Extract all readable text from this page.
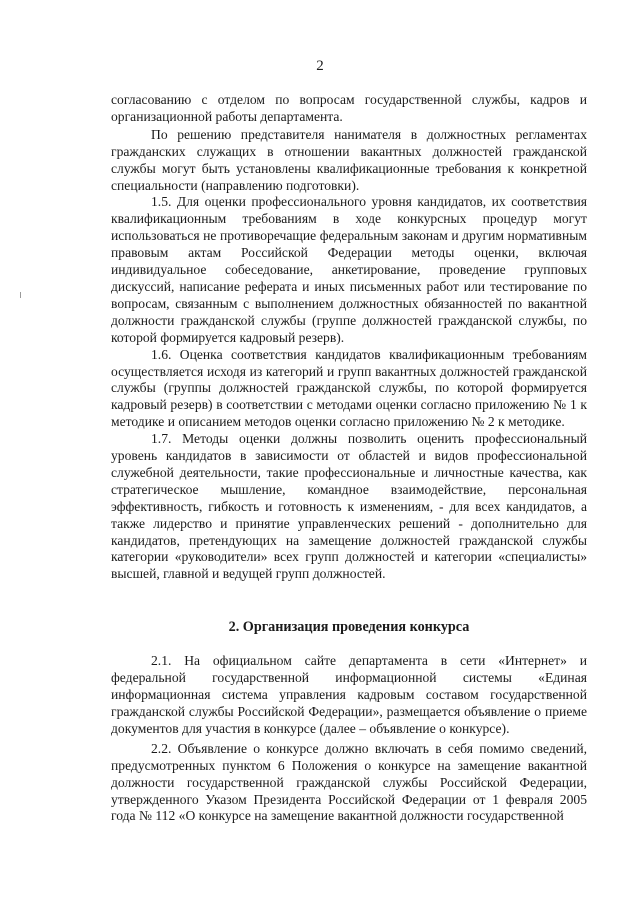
2

согласованию с отделом по вопросам государственной службы, кадров и организационной работы департамента.

По решению представителя нанимателя в должностных регламентах гражданских служащих в отношении вакантных должностей гражданской службы могут быть установлены квалификационные требования к конкретной специальности (направлению подготовки).

1.5. Для оценки профессионального уровня кандидатов, их соответствия квалификационным требованиям в ходе конкурсных процедур могут использоваться не противоречащие федеральным законам и другим нормативным правовым актам Российской Федерации методы оценки, включая индивидуальное собеседование, анкетирование, проведение групповых дискуссий, написание реферата и иных письменных работ или тестирование по вопросам, связанным с выполнением должностных обязанностей по вакантной должности гражданской службы (группе должностей гражданской службы, по которой формируется кадровый резерв).

1.6. Оценка соответствия кандидатов квалификационным требованиям осуществляется исходя из категорий и групп вакантных должностей гражданской службы (группы должностей гражданской службы, по которой формируется кадровый резерв) в соответствии с методами оценки согласно приложению № 1 к методике и описанием методов оценки согласно приложению № 2 к методике.

1.7. Методы оценки должны позволить оценить профессиональный уровень кандидатов в зависимости от областей и видов профессиональной служебной деятельности, такие профессиональные и личностные качества, как стратегическое мышление, командное взаимодействие, персональная эффективность, гибкость и готовность к изменениям, - для всех кандидатов, а также лидерство и принятие управленческих решений - дополнительно для кандидатов, претендующих на замещение должностей гражданской службы категории «руководители» всех групп должностей и категории «специалисты» высшей, главной и ведущей групп должностей.

2. Организация проведения конкурса

2.1. На официальном сайте департамента в сети «Интернет» и федеральной государственной информационной системы «Единая информационная система управления кадровым составом государственной гражданской службы Российской Федерации», размещается объявление о приеме документов для участия в конкурсе (далее – объявление о конкурсе).

2.2. Объявление о конкурсе должно включать в себя помимо сведений, предусмотренных пунктом 6 Положения о конкурсе на замещение вакантной должности государственной гражданской службы Российской Федерации, утвержденного Указом Президента Российской Федерации от 1 февраля 2005 года № 112 «О конкурсе на замещение вакантной должности государственной
